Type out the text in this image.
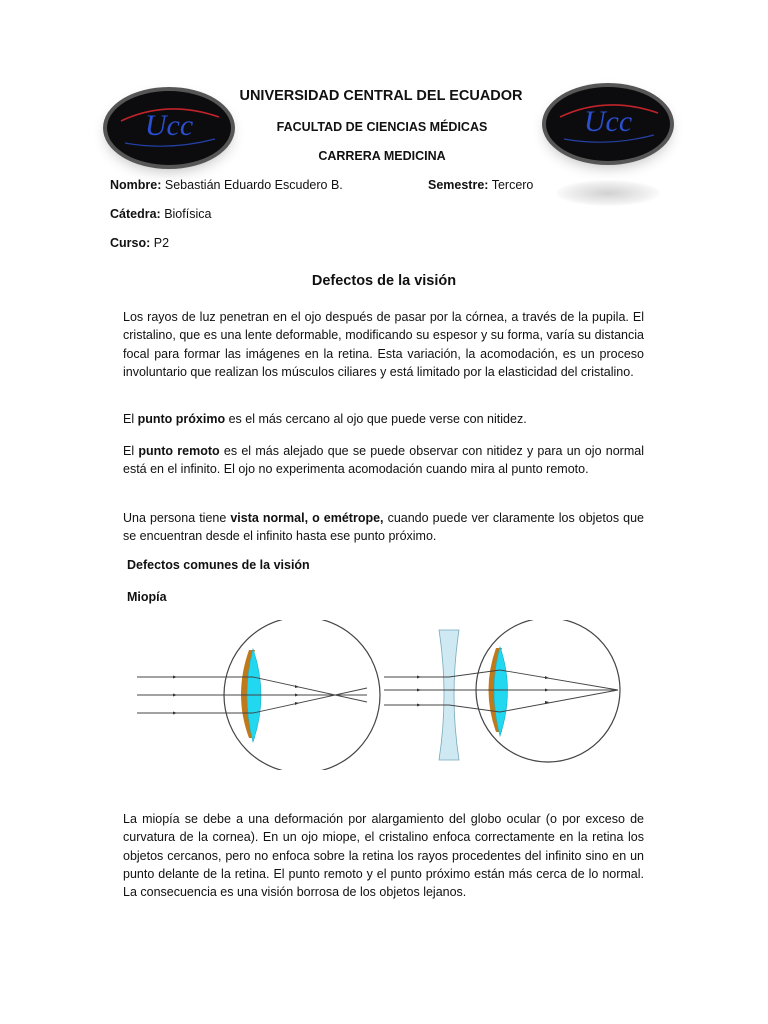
Ucc	Ucc
UNIVERSIDAD CENTRAL DEL ECUADOR
FACULTAD DE CIENCIAS MÉDICAS
CARRERA MEDICINA
Nombre: Sebastián Eduardo Escudero B.	Semestre: Tercero
Cátedra: Biofísica
Curso: P2
Defectos de la visión
Los rayos de luz penetran en el ojo después de pasar por la córnea, a través de la pupila. El cristalino, que es una lente deformable, modificando su espesor y su forma, varía su distancia focal para formar las imágenes en la retina. Esta variación, la acomodación, es un proceso involuntario que realizan los músculos ciliares y está limitado por la elasticidad del cristalino.
El punto próximo es el más cercano al ojo que puede verse con nitidez.
El punto remoto es el más alejado que se puede observar con nitidez y para un ojo normal está en el infinito. El ojo no experimenta acomodación cuando mira al punto remoto.
Una persona tiene vista normal, o emétrope, cuando puede ver claramente los objetos que se encuentran desde el infinito hasta ese punto próximo.
Defectos comunes de la visión
Miopía
La miopía se debe a una deformación por alargamiento del globo ocular (o por exceso de curvatura de la cornea). En un ojo miope, el cristalino enfoca correctamente en la retina los objetos cercanos, pero no enfoca sobre la retina los rayos procedentes del infinito sino en un punto delante de la retina. El punto remoto y el punto próximo están más cerca de lo normal. La consecuencia es una visión borrosa de los objetos lejanos.
